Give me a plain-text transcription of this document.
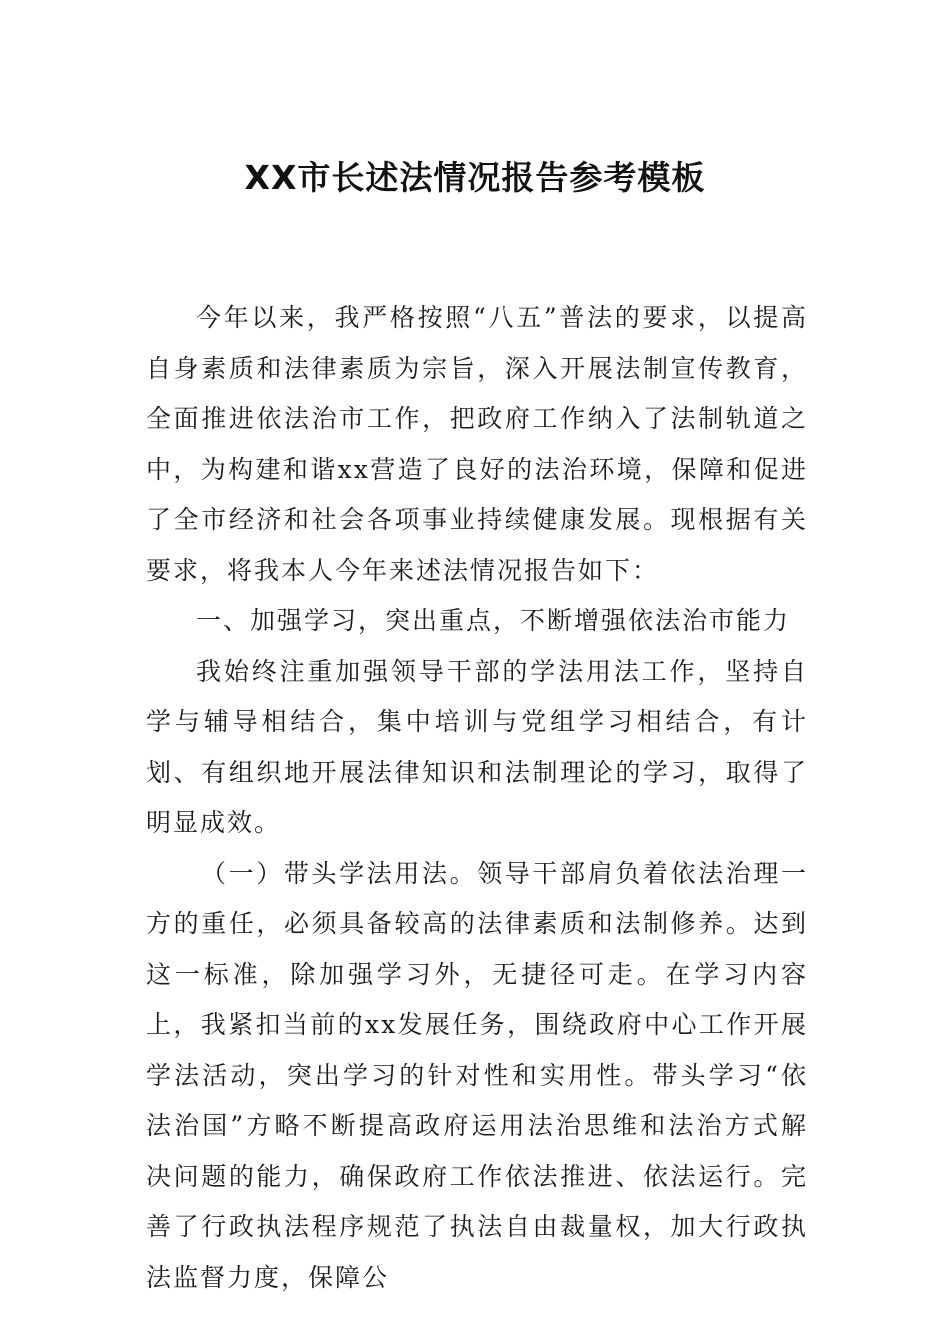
XX市长述法情况报告参考模板

今年以来，我严格按照“八五”普法的要求，以提高自身素质和法律素质为宗旨，深入开展法制宣传教育，全面推进依法治市工作，把政府工作纳入了法制轨道之中，为构建和谐xx营造了良好的法治环境，保障和促进了全市经济和社会各项事业持续健康发展。现根据有关要求，将我本人今年来述法情况报告如下：

一、加强学习，突出重点，不断增强依法治市能力

我始终注重加强领导干部的学法用法工作，坚持自学与辅导相结合，集中培训与党组学习相结合，有计划、有组织地开展法律知识和法制理论的学习，取得了明显成效。

（一）带头学法用法。领导干部肩负着依法治理一方的重任，必须具备较高的法律素质和法制修养。达到这一标准，除加强学习外，无捷径可走。在学习内容上，我紧扣当前的xx发展任务，围绕政府中心工作开展学法活动，突出学习的针对性和实用性。带头学习“依法治国”方略不断提高政府运用法治思维和法治方式解决问题的能力，确保政府工作依法推进、依法运行。完善了行政执法程序规范了执法自由裁量权，加大行政执法监督力度，保障公
